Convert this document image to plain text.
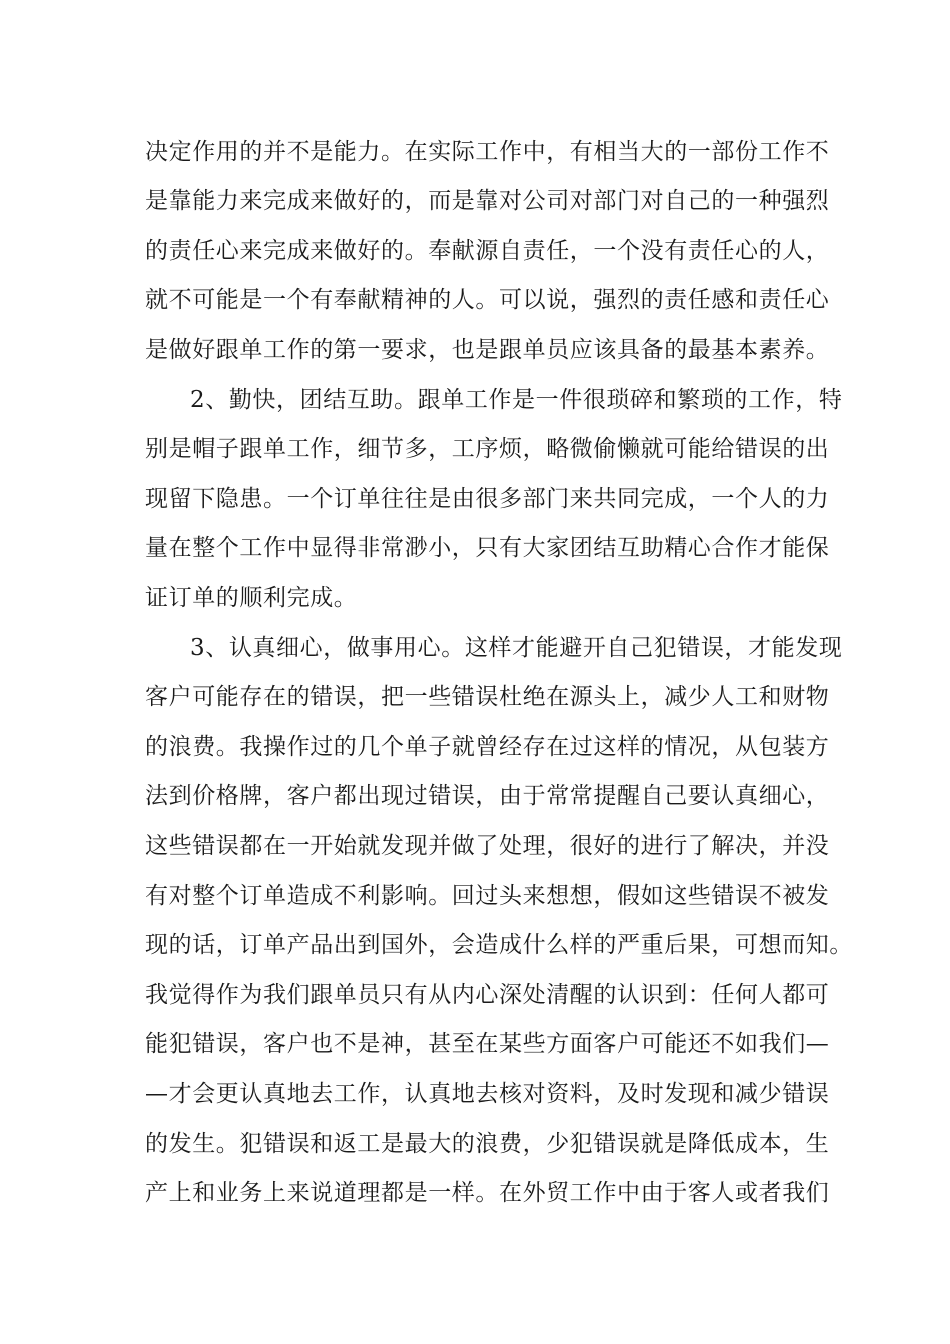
决定作用的并不是能力。在实际工作中，有相当大的一部份工作不
是靠能力来完成来做好的，而是靠对公司对部门对自己的一种强烈
的责任心来完成来做好的。奉献源自责任，一个没有责任心的人，
就不可能是一个有奉献精神的人。可以说，强烈的责任感和责任心
是做好跟单工作的第一要求，也是跟单员应该具备的最基本素养。
2、勤快，团结互助。跟单工作是一件很琐碎和繁琐的工作，特
别是帽子跟单工作，细节多，工序烦，略微偷懒就可能给错误的出
现留下隐患。一个订单往往是由很多部门来共同完成，一个人的力
量在整个工作中显得非常渺小，只有大家团结互助精心合作才能保
证订单的顺利完成。
3、认真细心，做事用心。这样才能避开自己犯错误，才能发现
客户可能存在的错误，把一些错误杜绝在源头上，减少人工和财物
的浪费。我操作过的几个单子就曾经存在过这样的情况，从包装方
法到价格牌，客户都出现过错误，由于常常提醒自己要认真细心，
这些错误都在一开始就发现并做了处理，很好的进行了解决，并没
有对整个订单造成不利影响。回过头来想想，假如这些错误不被发
现的话，订单产品出到国外，会造成什么样的严重后果，可想而知。
我觉得作为我们跟单员只有从内心深处清醒的认识到：任何人都可
能犯错误，客户也不是神，甚至在某些方面客户可能还不如我们—
—才会更认真地去工作，认真地去核对资料，及时发现和减少错误
的发生。犯错误和返工是最大的浪费，少犯错误就是降低成本，生
产上和业务上来说道理都是一样。在外贸工作中由于客人或者我们
